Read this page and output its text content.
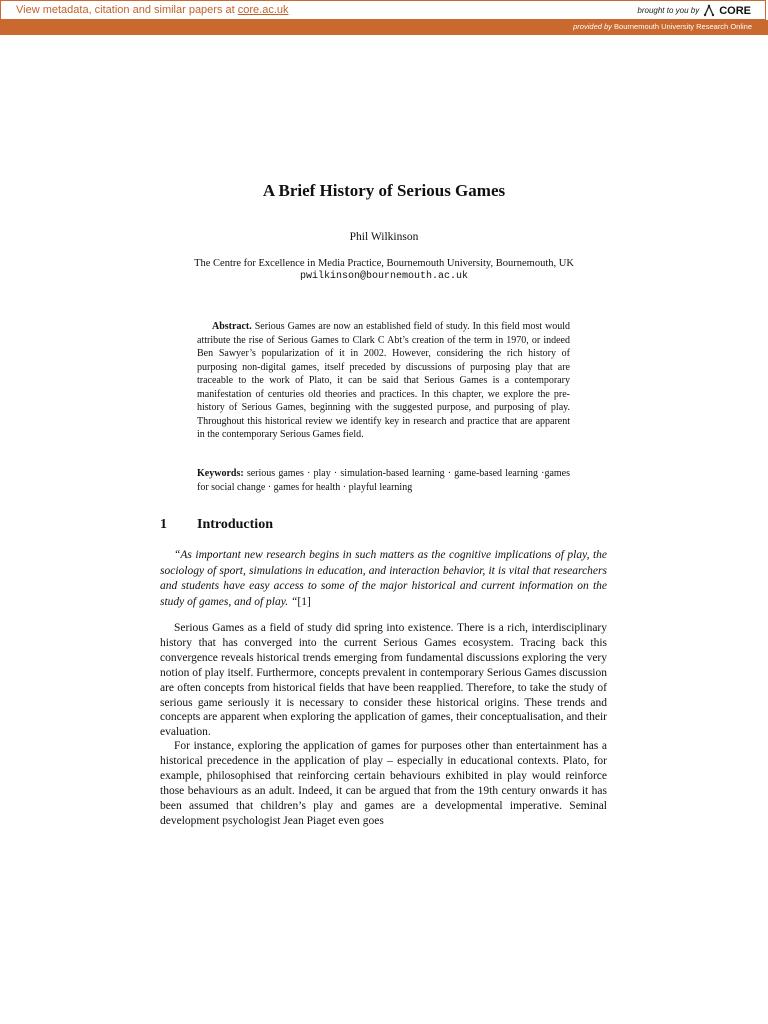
View metadata, citation and similar papers at core.ac.uk	brought to you by CORE
provided by Bournemouth University Research Online
A Brief History of Serious Games
Phil Wilkinson
The Centre for Excellence in Media Practice, Bournemouth University, Bournemouth, UK
pwilkinson@bournemouth.ac.uk

Abstract. Serious Games are now an established field of study. In this field most would attribute the rise of Serious Games to Clark C Abt’s creation of the term in 1970, or indeed Ben Sawyer’s popularization of it in 2002. However, considering the rich history of purposing non-digital games, itself preceded by discussions of purposing play that are traceable to the work of Plato, it can be said that Serious Games is a contemporary manifestation of centuries old theories and practices. In this chapter, we explore the pre-history of Serious Games, beginning with the suggested purpose, and purposing of play. Throughout this historical review we identify key in research and practice that are apparent in the contemporary Serious Games field.

Keywords: serious games · play · simulation-based learning · game-based learning ·games for social change · games for health · playful learning

1 Introduction

“As important new research begins in such matters as the cognitive implications of play, the sociology of sport, simulations in education, and interaction behavior, it is vital that researchers and students have easy access to some of the major historical and current information on the study of games, and of play. “[1]

Serious Games as a field of study did spring into existence. There is a rich, interdisciplinary history that has converged into the current Serious Games ecosystem. Tracing back this convergence reveals historical trends emerging from fundamental discussions exploring the very notion of play itself. Furthermore, concepts prevalent in contemporary Serious Games discussion are often concepts from historical fields that have been reapplied. Therefore, to take the study of serious game seriously it is necessary to consider these historical origins. These trends and concepts are apparent when exploring the application of games, their conceptualisation, and their evaluation.

For instance, exploring the application of games for purposes other than entertainment has a historical precedence in the application of play – especially in educational contexts. Plato, for example, philosophised that reinforcing certain behaviours exhibited in play would reinforce those behaviours as an adult. Indeed, it can be argued that from the 19th century onwards it has been assumed that children’s play and games are a developmental imperative. Seminal development psychologist Jean Piaget even goes
